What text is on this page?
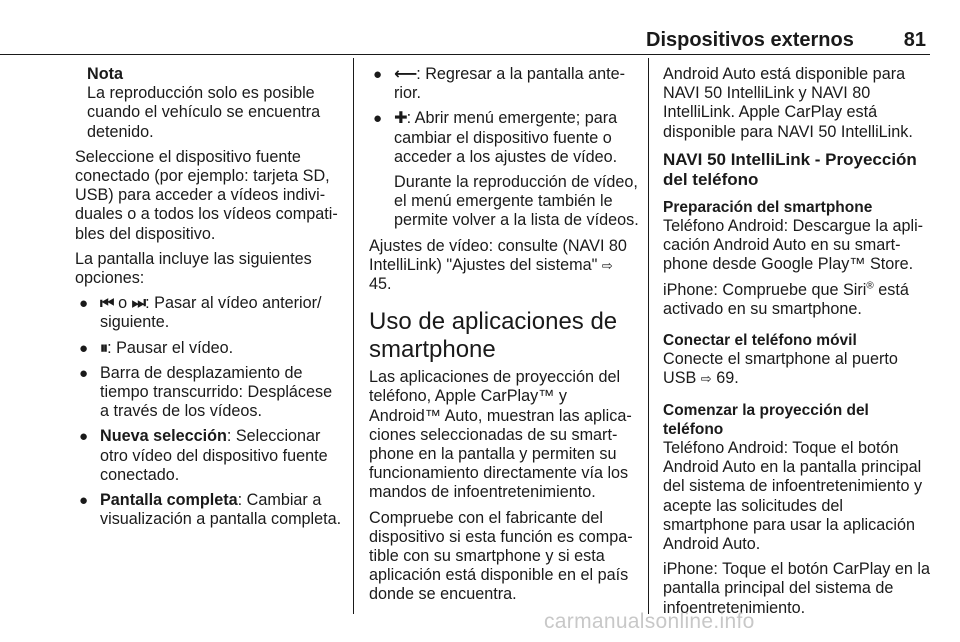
Dispositivos externos	81

Nota

La reproducción solo es posible cuando el vehículo se encuentra detenido.

Seleccione el dispositivo fuente conectado (por ejemplo: tarjeta SD, USB) para acceder a vídeos individuales o a todos los vídeos compatibles del dispositivo.

La pantalla incluye las siguientes opciones:

● ⏮ o ⏭: Pasar al vídeo anterior/ siguiente.
● ⏸: Pausar el vídeo.
● Barra de desplazamiento de tiempo transcurrido: Desplácese a través de los vídeos.
● Nueva selección: Seleccionar otro vídeo del dispositivo fuente conectado.
● Pantalla completa: Cambiar a visualización a pantalla completa.
● ⟵: Regresar a la pantalla anterior.
● ✚: Abrir menú emergente; para cambiar el dispositivo fuente o acceder a los ajustes de vídeo.

Durante la reproducción de vídeo, el menú emergente también le permite volver a la lista de vídeos.

Ajustes de vídeo: consulte (NAVI 80 IntelliLink) "Ajustes del sistema" ⇨ 45.

Uso de aplicaciones de smartphone

Las aplicaciones de proyección del teléfono, Apple CarPlay™ y Android™ Auto, muestran las aplicaciones seleccionadas de su smartphone en la pantalla y permiten su funcionamiento directamente vía los mandos de infoentretenimiento.

Compruebe con el fabricante del dispositivo si esta función es compatible con su smartphone y si esta aplicación está disponible en el país donde se encuentra.

Android Auto está disponible para NAVI 50 IntelliLink y NAVI 80 IntelliLink. Apple CarPlay está disponible para NAVI 50 IntelliLink.

NAVI 50 IntelliLink - Proyección del teléfono

Preparación del smartphone

Teléfono Android: Descargue la aplicación Android Auto en su smartphone desde Google Play™ Store.

iPhone: Compruebe que Siri® está activado en su smartphone.

Conectar el teléfono móvil

Conecte el smartphone al puerto USB ⇨ 69.

Comenzar la proyección del teléfono

Teléfono Android: Toque el botón Android Auto en la pantalla principal del sistema de infoentretenimiento y acepte las solicitudes del smartphone para usar la aplicación Android Auto.

iPhone: Toque el botón CarPlay en la pantalla principal del sistema de infoentretenimiento.

carmanualsonline.info
